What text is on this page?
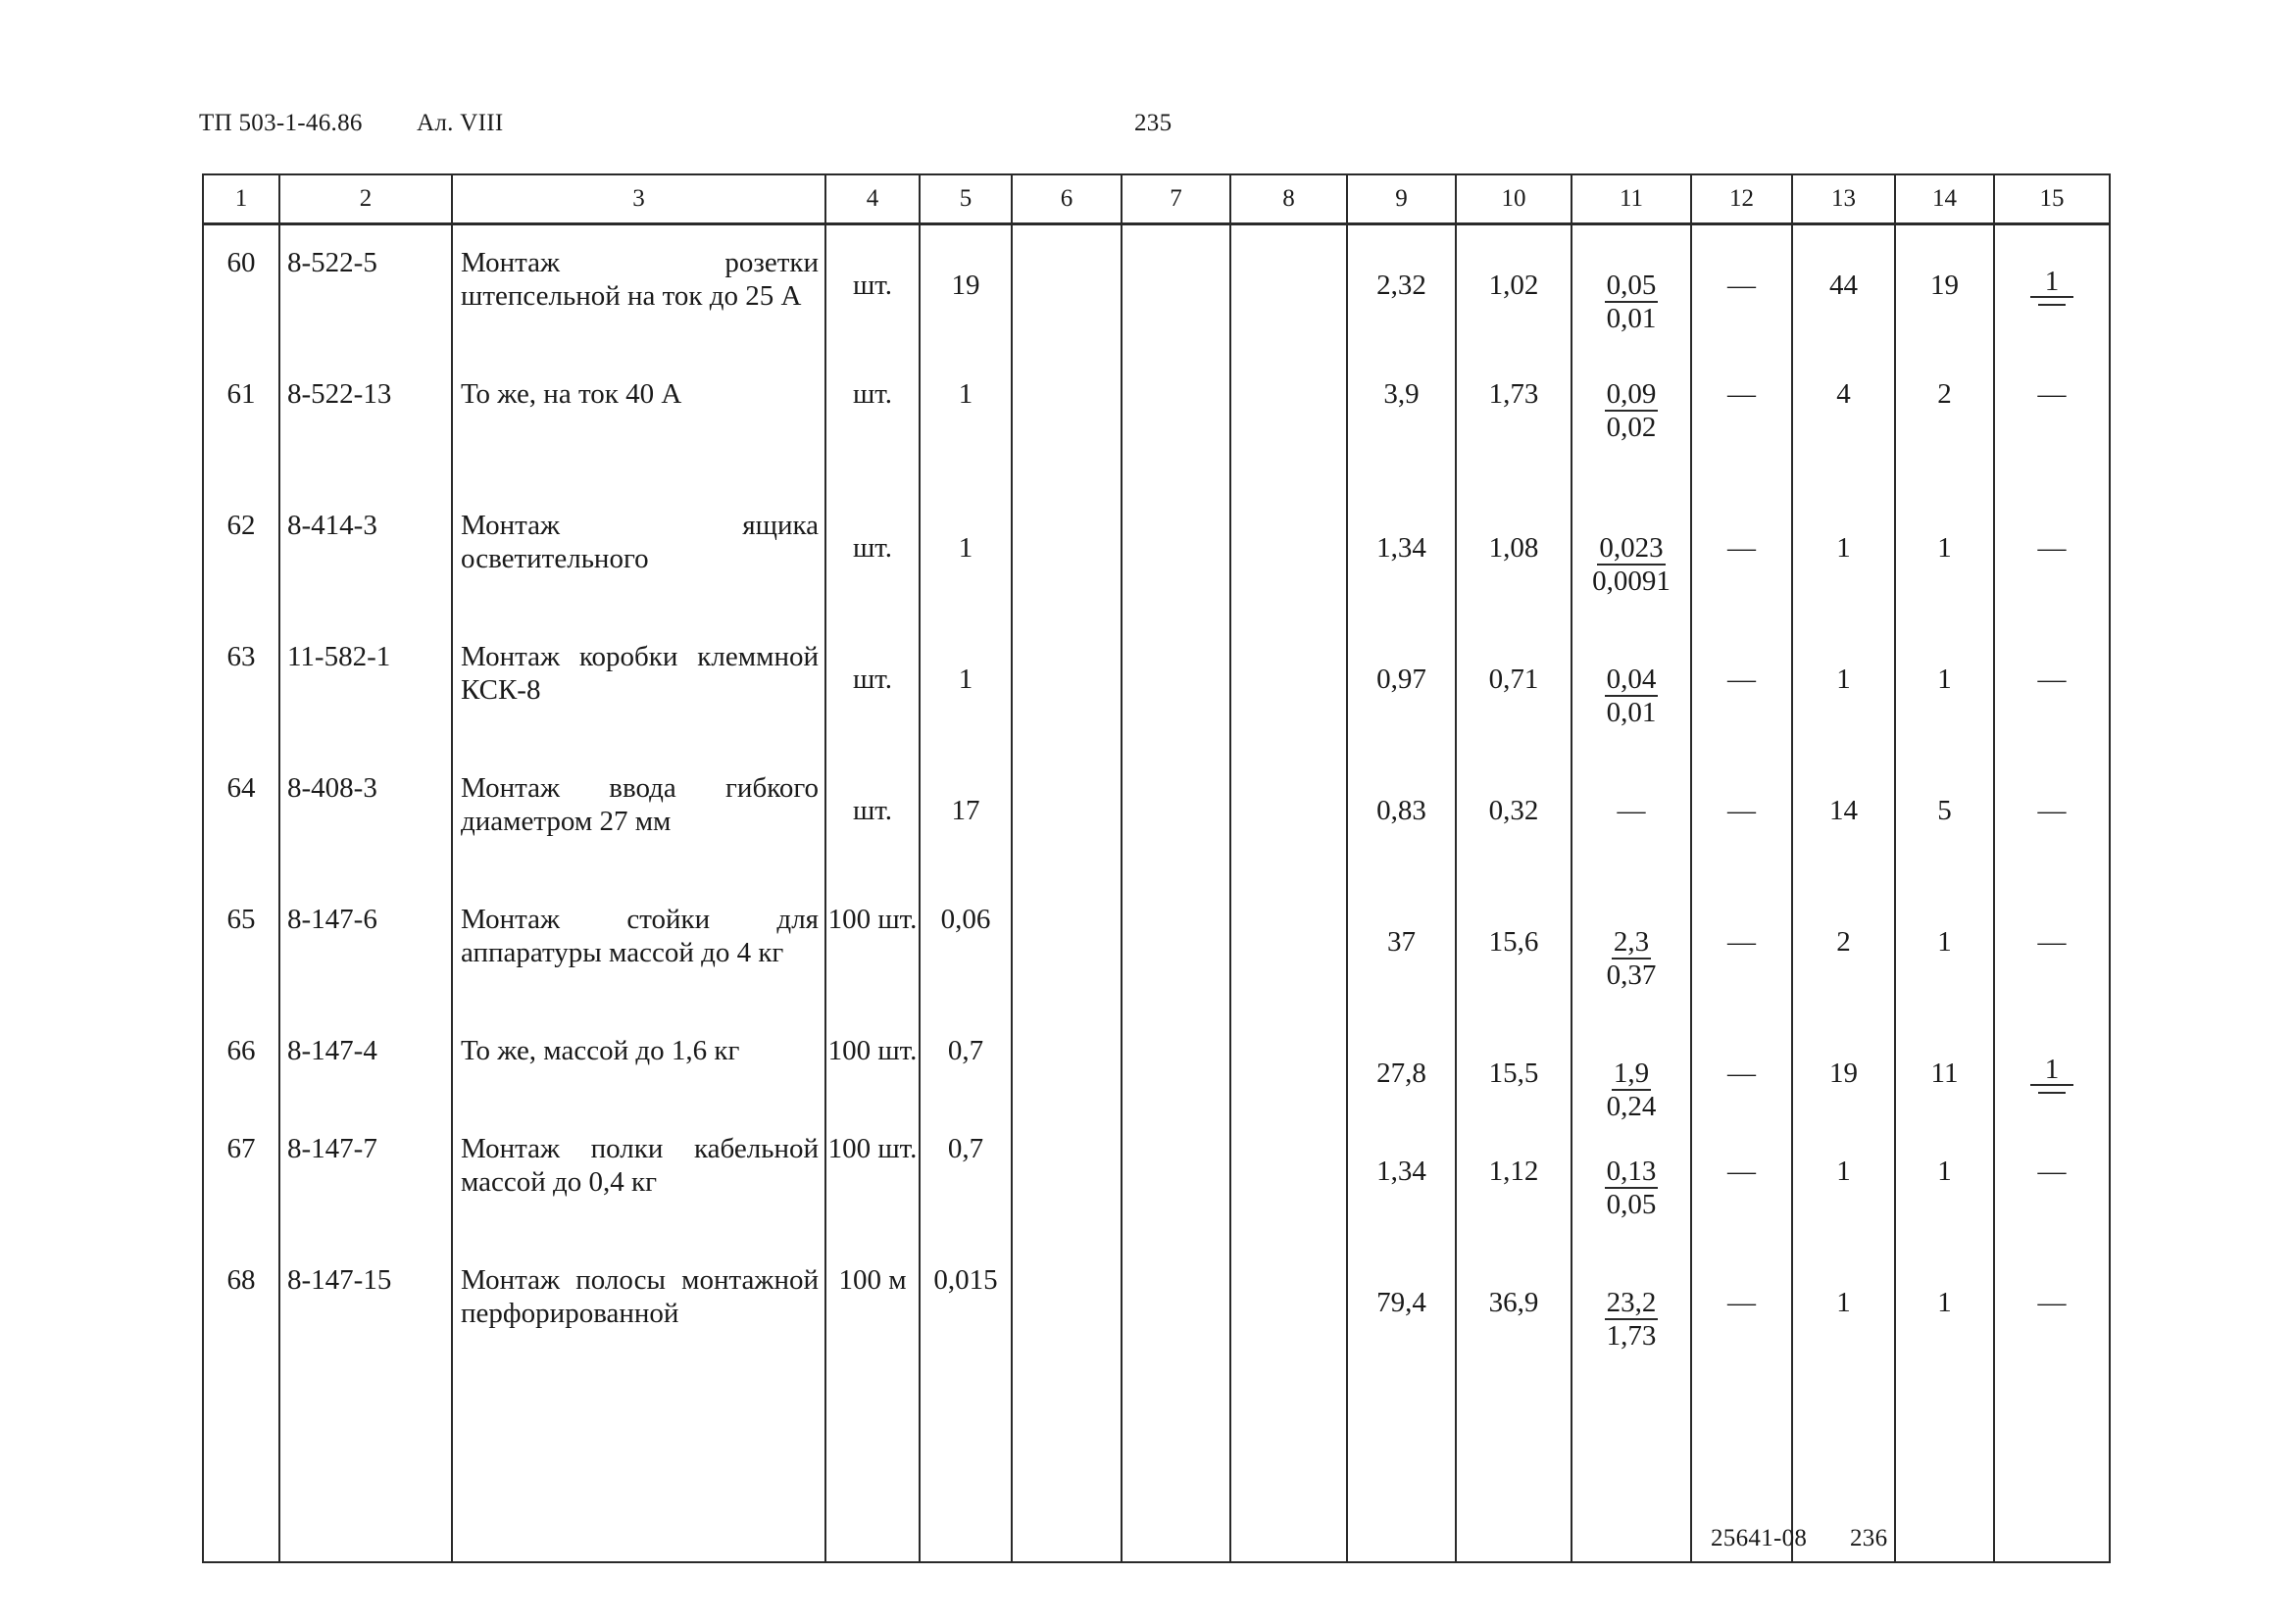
ТП 503-1-46.86 Ал. VIII	235
1	2	3	4	5	6	7	8	9	10	11	12	13	14	15

60	8-522-5	Монтаж розетки штепсельной на ток до 25 А	шт.	19				2,32	1,02	$\frac{0,05}{0,01}$	—	44	19	1

61	8-522-13	То же, на ток 40 А	шт.	1				3,9	1,73	$\frac{0,09}{0,02}$	—	4	2	—

62	8-414-3	Монтаж ящика осветительного	шт.	1				1,34	1,08	$\frac{0,023}{0,0091}$	—	1	1	—

63	11-582-1	Монтаж коробки клеммной КСК-8	шт.	1				0,97	0,71	$\frac{0,04}{0,01}$	—	1	1	—

64	8-408-3	Монтаж ввода гибкого диаметром 27 мм	шт.	17				0,83	0,32	—	—	14	5	—

65	8-147-6	Монтаж стойки для аппаратуры массой до 4 кг	100 шт.	0,06				37	15,6	$\frac{2,3}{0,37}$	—	2	1	—

66	8-147-4	То же, массой до 1,6 кг	100 шт.	0,7				27,8	15,5	$\frac{1,9}{0,24}$	—	19	11	1

67	8-147-7	Монтаж полки кабельной массой до 0,4 кг	100 шт.	0,7				1,34	1,12	$\frac{0,13}{0,05}$	—	1	1	—

68	8-147-15	Монтаж полосы монтажной перфорированной	100 м	0,015				79,4	36,9	$\frac{23,2}{1,73}$	—	1	1	—

25641-08 236
